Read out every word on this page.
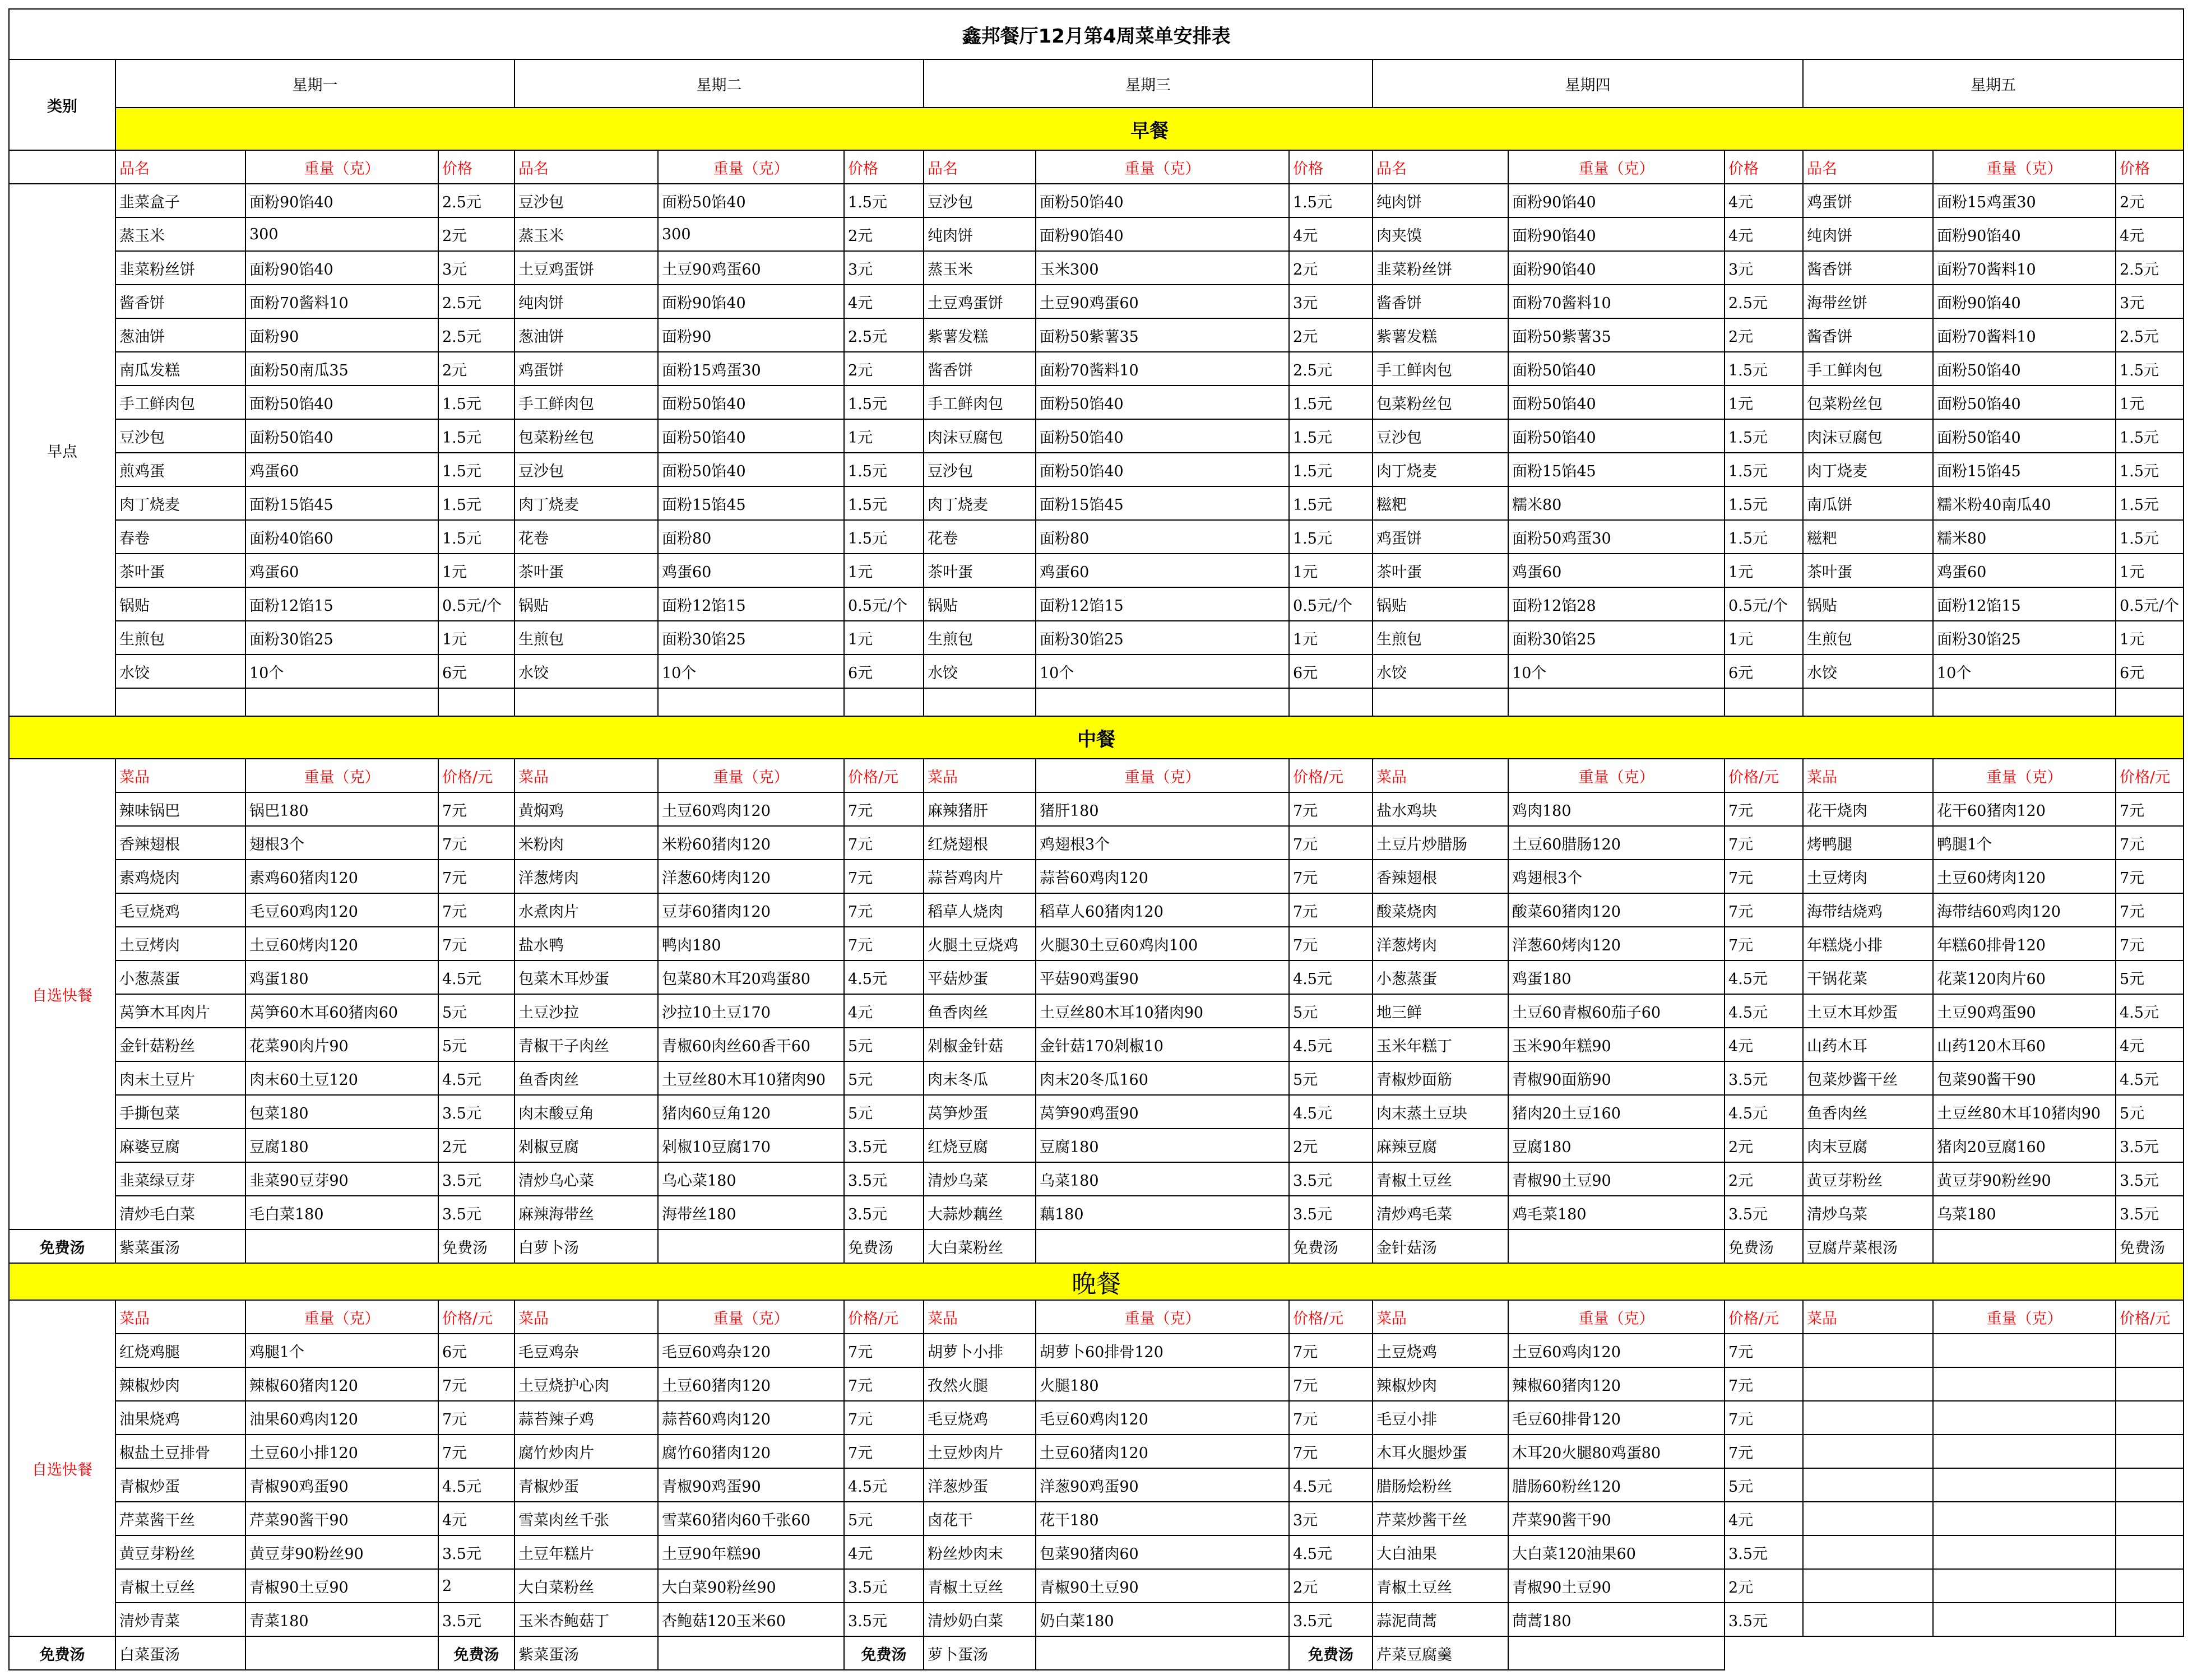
鑫邦餐厅12月第4周菜单安排表															
类别	星期一			星期二			星期三			星期四			星期五		
	早餐														
	品名	重量（克）	价格	品名	重量（克）	价格	品名	重量（克）	价格	品名	重量（克）	价格	品名	重量（克）	价格
早点	韭菜盒子	面粉90馅40	2.5元	豆沙包	面粉50馅40	1.5元	豆沙包	面粉50馅40	1.5元	纯肉饼	面粉90馅40	4元	鸡蛋饼	面粉15鸡蛋30	2元
	蒸玉米	300	2元	蒸玉米	300	2元	纯肉饼	面粉90馅40	4元	肉夹馍	面粉90馅40	4元	纯肉饼	面粉90馅40	4元
	韭菜粉丝饼	面粉90馅40	3元	土豆鸡蛋饼	土豆90鸡蛋60	3元	蒸玉米	玉米300	2元	韭菜粉丝饼	面粉90馅40	3元	酱香饼	面粉70酱料10	2.5元
	酱香饼	面粉70酱料10	2.5元	纯肉饼	面粉90馅40	4元	土豆鸡蛋饼	土豆90鸡蛋60	3元	酱香饼	面粉70酱料10	2.5元	海带丝饼	面粉90馅40	3元
	葱油饼	面粉90	2.5元	葱油饼	面粉90	2.5元	紫薯发糕	面粉50紫薯35	2元	紫薯发糕	面粉50紫薯35	2元	酱香饼	面粉70酱料10	2.5元
	南瓜发糕	面粉50南瓜35	2元	鸡蛋饼	面粉15鸡蛋30	2元	酱香饼	面粉70酱料10	2.5元	手工鲜肉包	面粉50馅40	1.5元	手工鲜肉包	面粉50馅40	1.5元
	手工鲜肉包	面粉50馅40	1.5元	手工鲜肉包	面粉50馅40	1.5元	手工鲜肉包	面粉50馅40	1.5元	包菜粉丝包	面粉50馅40	1元	包菜粉丝包	面粉50馅40	1元
	豆沙包	面粉50馅40	1.5元	包菜粉丝包	面粉50馅40	1元	肉沫豆腐包	面粉50馅40	1.5元	豆沙包	面粉50馅40	1.5元	肉沫豆腐包	面粉50馅40	1.5元
	煎鸡蛋	鸡蛋60	1.5元	豆沙包	面粉50馅40	1.5元	豆沙包	面粉50馅40	1.5元	肉丁烧麦	面粉15馅45	1.5元	肉丁烧麦	面粉15馅45	1.5元
	肉丁烧麦	面粉15馅45	1.5元	肉丁烧麦	面粉15馅45	1.5元	肉丁烧麦	面粉15馅45	1.5元	糍粑	糯米80	1.5元	南瓜饼	糯米粉40南瓜40	1.5元
	春卷	面粉40馅60	1.5元	花卷	面粉80	1.5元	花卷	面粉80	1.5元	鸡蛋饼	面粉50鸡蛋30	1.5元	糍粑	糯米80	1.5元
	茶叶蛋	鸡蛋60	1元	茶叶蛋	鸡蛋60	1元	茶叶蛋	鸡蛋60	1元	茶叶蛋	鸡蛋60	1元	茶叶蛋	鸡蛋60	1元
	锅贴	面粉12馅15	0.5元/个	锅贴	面粉12馅15	0.5元/个	锅贴	面粉12馅15	0.5元/个	锅贴	面粉12馅28	0.5元/个	锅贴	面粉12馅15	0.5元/个
	生煎包	面粉30馅25	1元	生煎包	面粉30馅25	1元	生煎包	面粉30馅25	1元	生煎包	面粉30馅25	1元	生煎包	面粉30馅25	1元
	水饺	10个	6元	水饺	10个	6元	水饺	10个	6元	水饺	10个	6元	水饺	10个	6元

中餐															
自选快餐	菜品	重量（克）	价格/元	菜品	重量（克）	价格/元	菜品	重量（克）	价格/元	菜品	重量（克）	价格/元	菜品	重量（克）	价格/元
	辣味锅巴	锅巴180	7元	黄焖鸡	土豆60鸡肉120	7元	麻辣猪肝	猪肝180	7元	盐水鸡块	鸡肉180	7元	花干烧肉	花干60猪肉120	7元
	香辣翅根	翅根3个	7元	米粉肉	米粉60猪肉120	7元	红烧翅根	鸡翅根3个	7元	土豆片炒腊肠	土豆60腊肠120	7元	烤鸭腿	鸭腿1个	7元
	素鸡烧肉	素鸡60猪肉120	7元	洋葱烤肉	洋葱60烤肉120	7元	蒜苔鸡肉片	蒜苔60鸡肉120	7元	香辣翅根	鸡翅根3个	7元	土豆烤肉	土豆60烤肉120	7元
	毛豆烧鸡	毛豆60鸡肉120	7元	水煮肉片	豆芽60猪肉120	7元	稻草人烧肉	稻草人60猪肉120	7元	酸菜烧肉	酸菜60猪肉120	7元	海带结烧鸡	海带结60鸡肉120	7元
	土豆烤肉	土豆60烤肉120	7元	盐水鸭	鸭肉180	7元	火腿土豆烧鸡	火腿30土豆60鸡肉100	7元	洋葱烤肉	洋葱60烤肉120	7元	年糕烧小排	年糕60排骨120	7元
	小葱蒸蛋	鸡蛋180	4.5元	包菜木耳炒蛋	包菜80木耳20鸡蛋80	4.5元	平菇炒蛋	平菇90鸡蛋90	4.5元	小葱蒸蛋	鸡蛋180	4.5元	干锅花菜	花菜120肉片60	5元
	莴笋木耳肉片	莴笋60木耳60猪肉60	5元	土豆沙拉	沙拉10土豆170	4元	鱼香肉丝	土豆丝80木耳10猪肉90	5元	地三鲜	土豆60青椒60茄子60	4.5元	土豆木耳炒蛋	土豆90鸡蛋90	4.5元
	金针菇粉丝	花菜90肉片90	5元	青椒干子肉丝	青椒60肉丝60香干60	5元	剁椒金针菇	金针菇170剁椒10	4.5元	玉米年糕丁	玉米90年糕90	4元	山药木耳	山药120木耳60	4元
	肉末土豆片	肉末60土豆120	4.5元	鱼香肉丝	土豆丝80木耳10猪肉90	5元	肉末冬瓜	肉末20冬瓜160	5元	青椒炒面筋	青椒90面筋90	3.5元	包菜炒酱干丝	包菜90酱干90	4.5元
	手撕包菜	包菜180	3.5元	肉末酸豆角	猪肉60豆角120	5元	莴笋炒蛋	莴笋90鸡蛋90	4.5元	肉末蒸土豆块	猪肉20土豆160	4.5元	鱼香肉丝	土豆丝80木耳10猪肉90	5元
	麻婆豆腐	豆腐180	2元	剁椒豆腐	剁椒10豆腐170	3.5元	红烧豆腐	豆腐180	2元	麻辣豆腐	豆腐180	2元	肉末豆腐	猪肉20豆腐160	3.5元
	韭菜绿豆芽	韭菜90豆芽90	3.5元	清炒乌心菜	乌心菜180	3.5元	清炒乌菜	乌菜180	3.5元	青椒土豆丝	青椒90土豆90	2元	黄豆芽粉丝	黄豆芽90粉丝90	3.5元
	清炒毛白菜	毛白菜180	3.5元	麻辣海带丝	海带丝180	3.5元	大蒜炒藕丝	藕180	3.5元	清炒鸡毛菜	鸡毛菜180	3.5元	清炒乌菜	乌菜180	3.5元
免费汤	紫菜蛋汤		免费汤	白萝卜汤		免费汤	大白菜粉丝		免费汤	金针菇汤		免费汤	豆腐芹菜根汤		免费汤
晚餐															
自选快餐	菜品	重量（克）	价格/元	菜品	重量（克）	价格/元	菜品	重量（克）	价格/元	菜品	重量（克）	价格/元	菜品	重量（克）	价格/元
	红烧鸡腿	鸡腿1个	6元	毛豆鸡杂	毛豆60鸡杂120	7元	胡萝卜小排	胡萝卜60排骨120	7元	土豆烧鸡	土豆60鸡肉120	7元			
	辣椒炒肉	辣椒60猪肉120	7元	土豆烧护心肉	土豆60猪肉120	7元	孜然火腿	火腿180	7元	辣椒炒肉	辣椒60猪肉120	7元			
	油果烧鸡	油果60鸡肉120	7元	蒜苔辣子鸡	蒜苔60鸡肉120	7元	毛豆烧鸡	毛豆60鸡肉120	7元	毛豆小排	毛豆60排骨120	7元			
	椒盐土豆排骨	土豆60小排120	7元	腐竹炒肉片	腐竹60猪肉120	7元	土豆炒肉片	土豆60猪肉120	7元	木耳火腿炒蛋	木耳20火腿80鸡蛋80	7元			
	青椒炒蛋	青椒90鸡蛋90	4.5元	青椒炒蛋	青椒90鸡蛋90	4.5元	洋葱炒蛋	洋葱90鸡蛋90	4.5元	腊肠烩粉丝	腊肠60粉丝120	5元			
	芹菜酱干丝	芹菜90酱干90	4元	雪菜肉丝千张	雪菜60猪肉60千张60	5元	卤花干	花干180	3元	芹菜炒酱干丝	芹菜90酱干90	4元			
	黄豆芽粉丝	黄豆芽90粉丝90	3.5元	土豆年糕片	土豆90年糕90	4元	粉丝炒肉末	包菜90猪肉60	4.5元	大白油果	大白菜120油果60	3.5元			
	青椒土豆丝	青椒90土豆90	2	大白菜粉丝	大白菜90粉丝90	3.5元	青椒土豆丝	青椒90土豆90	2元	青椒土豆丝	青椒90土豆90	2元			
	清炒青菜	青菜180	3.5元	玉米杏鲍菇丁	杏鲍菇120玉米60	3.5元	清炒奶白菜	奶白菜180	3.5元	蒜泥茼蒿	茼蒿180	3.5元			
免费汤	白菜蛋汤		免费汤	紫菜蛋汤		免费汤	萝卜蛋汤		免费汤	芹菜豆腐羹					
